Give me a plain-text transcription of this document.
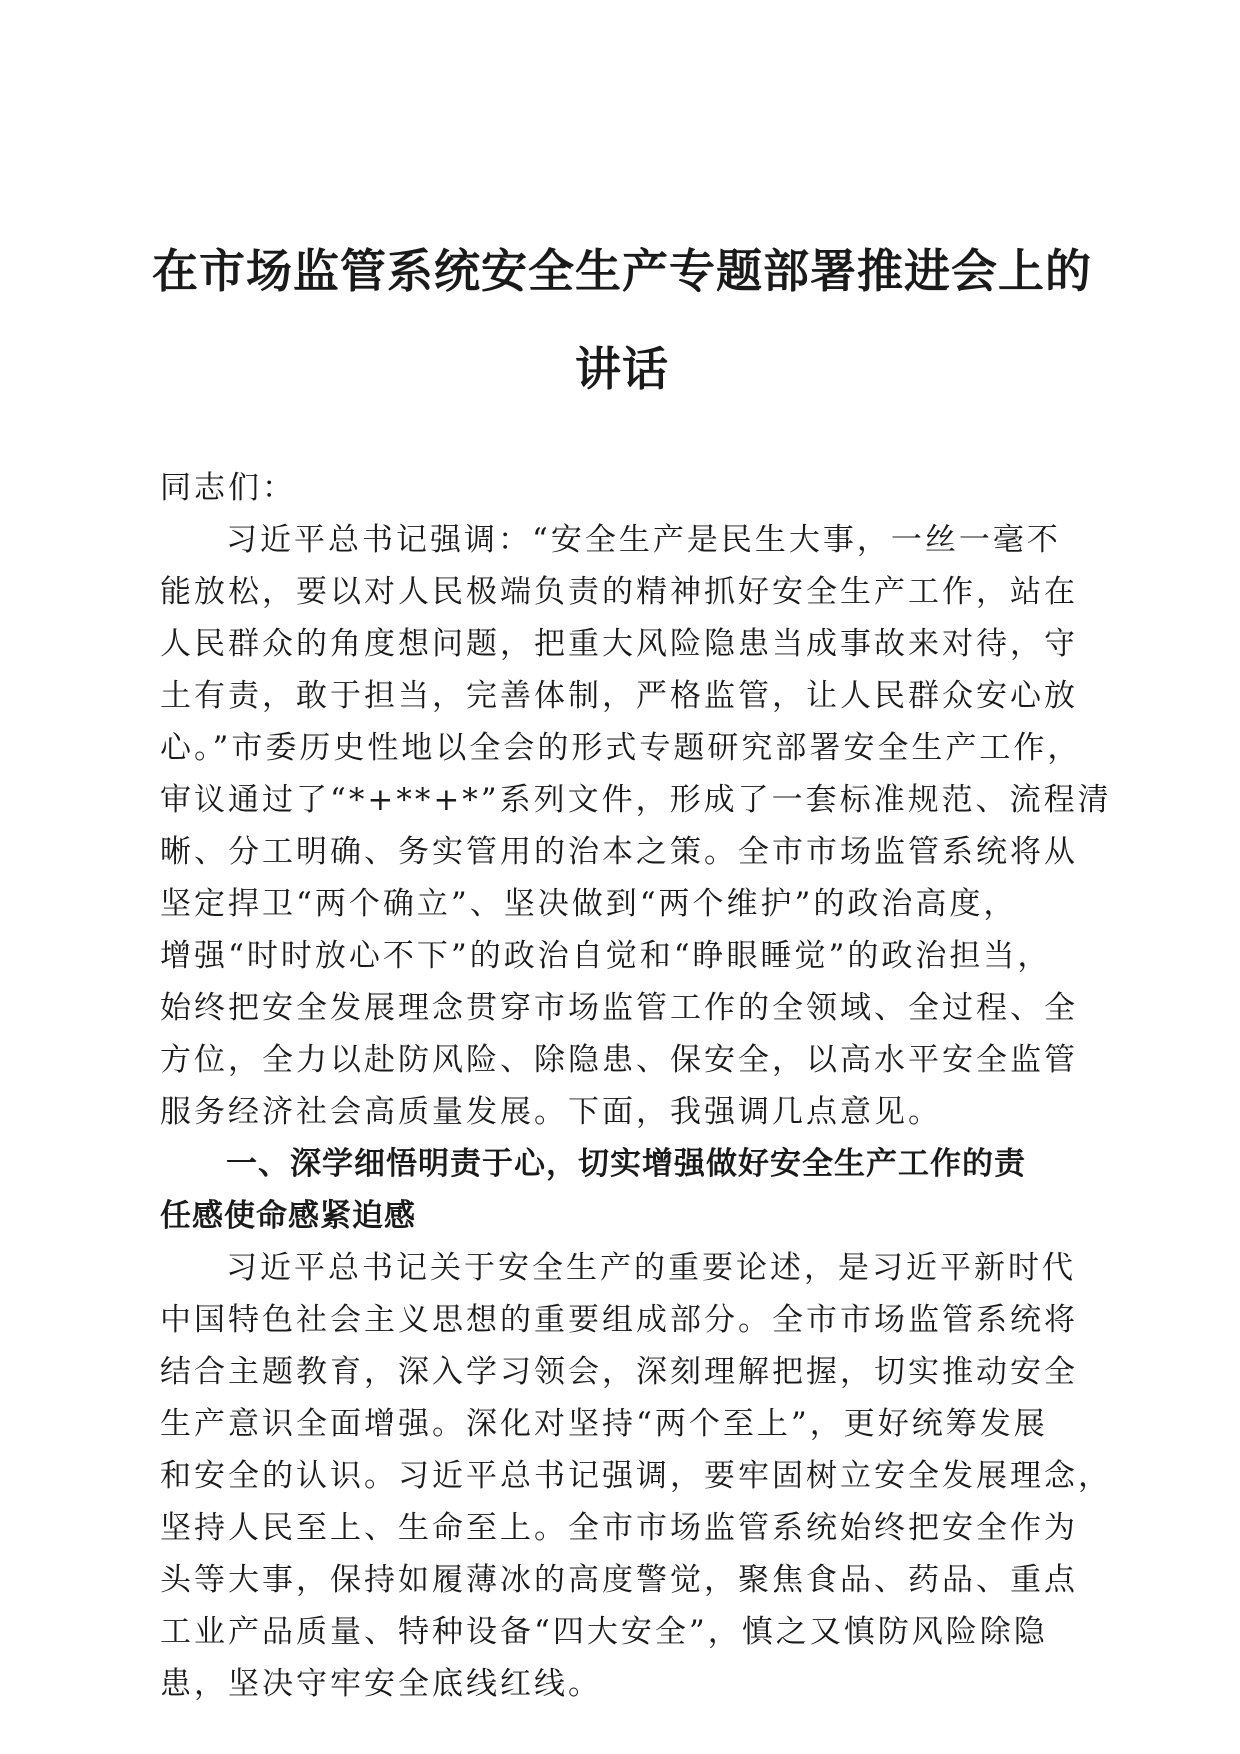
在市场监管系统安全生产专题部署推进会上的
讲话
同志们：
习近平总书记强调：“安全生产是民生大事，一丝一毫不
能放松，要以对人民极端负责的精神抓好安全生产工作，站在
人民群众的角度想问题，把重大风险隐患当成事故来对待，守
土有责，敢于担当，完善体制，严格监管，让人民群众安心放
心。”市委历史性地以全会的形式专题研究部署安全生产工作，
审议通过了“*+**+*”系列文件，形成了一套标准规范、流程清
晰、分工明确、务实管用的治本之策。全市市场监管系统将从
坚定捍卫“两个确立”、坚决做到“两个维护”的政治高度，
增强“时时放心不下”的政治自觉和“睁眼睡觉”的政治担当，
始终把安全发展理念贯穿市场监管工作的全领域、全过程、全
方位，全力以赴防风险、除隐患、保安全，以高水平安全监管
服务经济社会高质量发展。下面，我强调几点意见。
一、深学细悟明责于心，切实增强做好安全生产工作的责
任感使命感紧迫感
习近平总书记关于安全生产的重要论述，是习近平新时代
中国特色社会主义思想的重要组成部分。全市市场监管系统将
结合主题教育，深入学习领会，深刻理解把握，切实推动安全
生产意识全面增强。深化对坚持“两个至上”，更好统筹发展
和安全的认识。习近平总书记强调，要牢固树立安全发展理念，
坚持人民至上、生命至上。全市市场监管系统始终把安全作为
头等大事，保持如履薄冰的高度警觉，聚焦食品、药品、重点
工业产品质量、特种设备“四大安全”，慎之又慎防风险除隐
患，坚决守牢安全底线红线。
